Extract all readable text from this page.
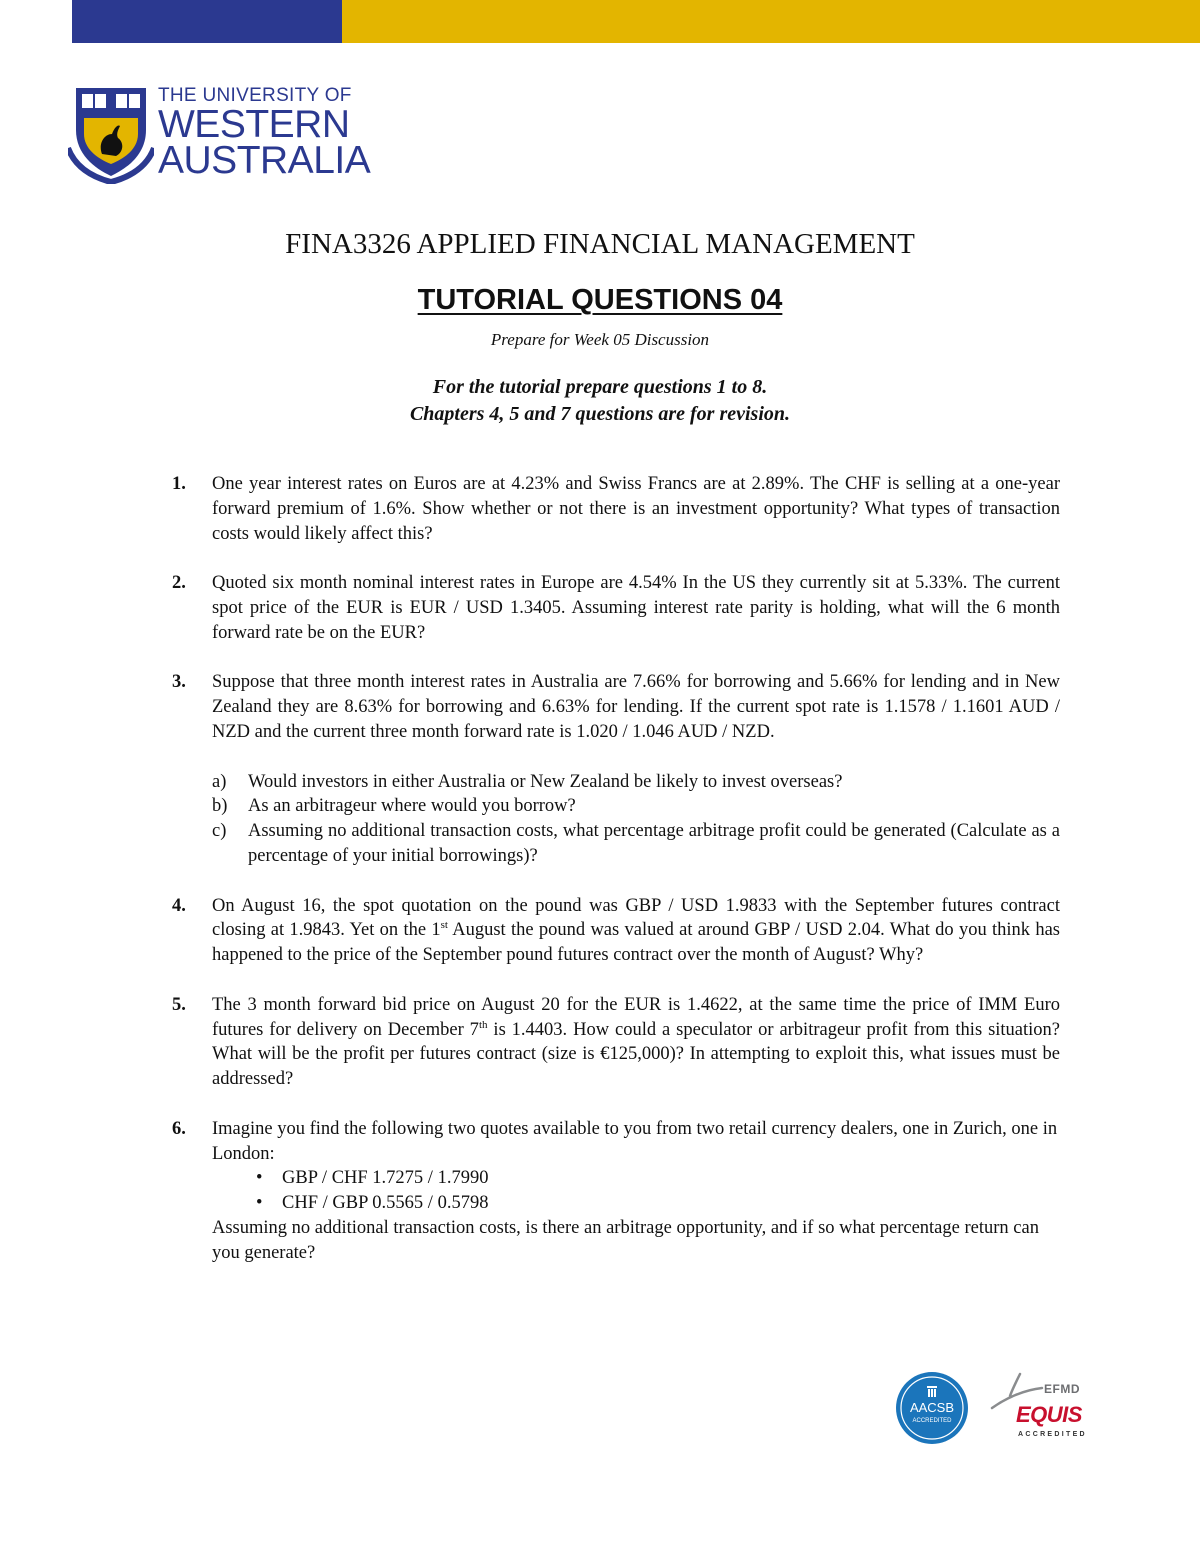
THE UNIVERSITY OF
WESTERN
AUSTRALIA
FINA3326 APPLIED FINANCIAL MANAGEMENT
TUTORIAL QUESTIONS 04
Prepare for Week 05 Discussion
For the tutorial prepare questions 1 to 8.
Chapters 4, 5 and 7 questions are for revision.
1. One year interest rates on Euros are at 4.23% and Swiss Francs are at 2.89%. The CHF is selling at a one-year forward premium of 1.6%. Show whether or not there is an investment opportunity? What types of transaction costs would likely affect this?
2. Quoted six month nominal interest rates in Europe are 4.54% In the US they currently sit at 5.33%. The current spot price of the EUR is EUR / USD 1.3405. Assuming interest rate parity is holding, what will the 6 month forward rate be on the EUR?
3. Suppose that three month interest rates in Australia are 7.66% for borrowing and 5.66% for lending and in New Zealand they are 8.63% for borrowing and 6.63% for lending. If the current spot rate is 1.1578 / 1.1601 AUD / NZD and the current three month forward rate is 1.020 / 1.046 AUD / NZD.
a) Would investors in either Australia or New Zealand be likely to invest overseas?
b) As an arbitrageur where would you borrow?
c) Assuming no additional transaction costs, what percentage arbitrage profit could be generated (Calculate as a percentage of your initial borrowings)?
4. On August 16, the spot quotation on the pound was GBP / USD 1.9833 with the September futures contract closing at 1.9843. Yet on the 1st August the pound was valued at around GBP / USD 2.04. What do you think has happened to the price of the September pound futures contract over the month of August? Why?
5. The 3 month forward bid price on August 20 for the EUR is 1.4622, at the same time the price of IMM Euro futures for delivery on December 7th is 1.4403. How could a speculator or arbitrageur profit from this situation? What will be the profit per futures contract (size is €125,000)? In attempting to exploit this, what issues must be addressed?
6. Imagine you find the following two quotes available to you from two retail currency dealers, one in Zurich, one in London:
• GBP / CHF 1.7275 / 1.7990
• CHF / GBP 0.5565 / 0.5798
Assuming no additional transaction costs, is there an arbitrage opportunity, and if so what percentage return can you generate?
AACSB
ACCREDITED
EFMD
EQUIS
ACCREDITED
